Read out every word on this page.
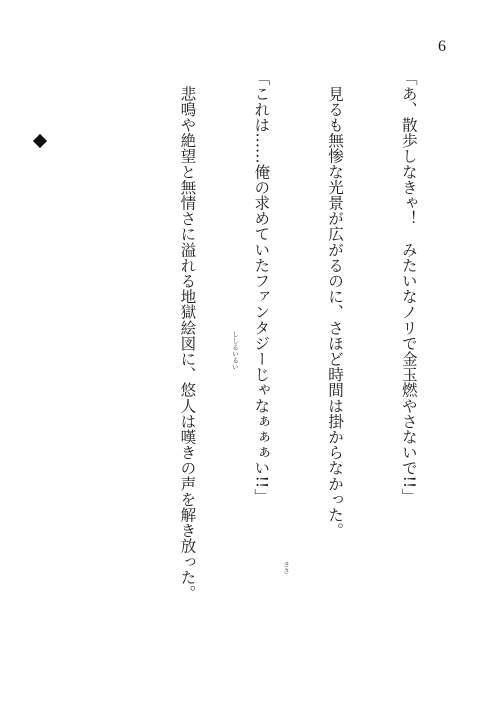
6

「あ、散歩しなきゃ！　みたいなノリで金玉燃やさないで!!」

　見るも無惨な光景が広がるのに、さほど時間は掛からなかった。

「これは……俺の求めていたファンタジーじゃなぁぁぁい!!」

　悲鳴や絶望と無情さに溢れる地獄絵図に、悠人は嘆きの声を解き放った。

	ししるいるい
ささ
